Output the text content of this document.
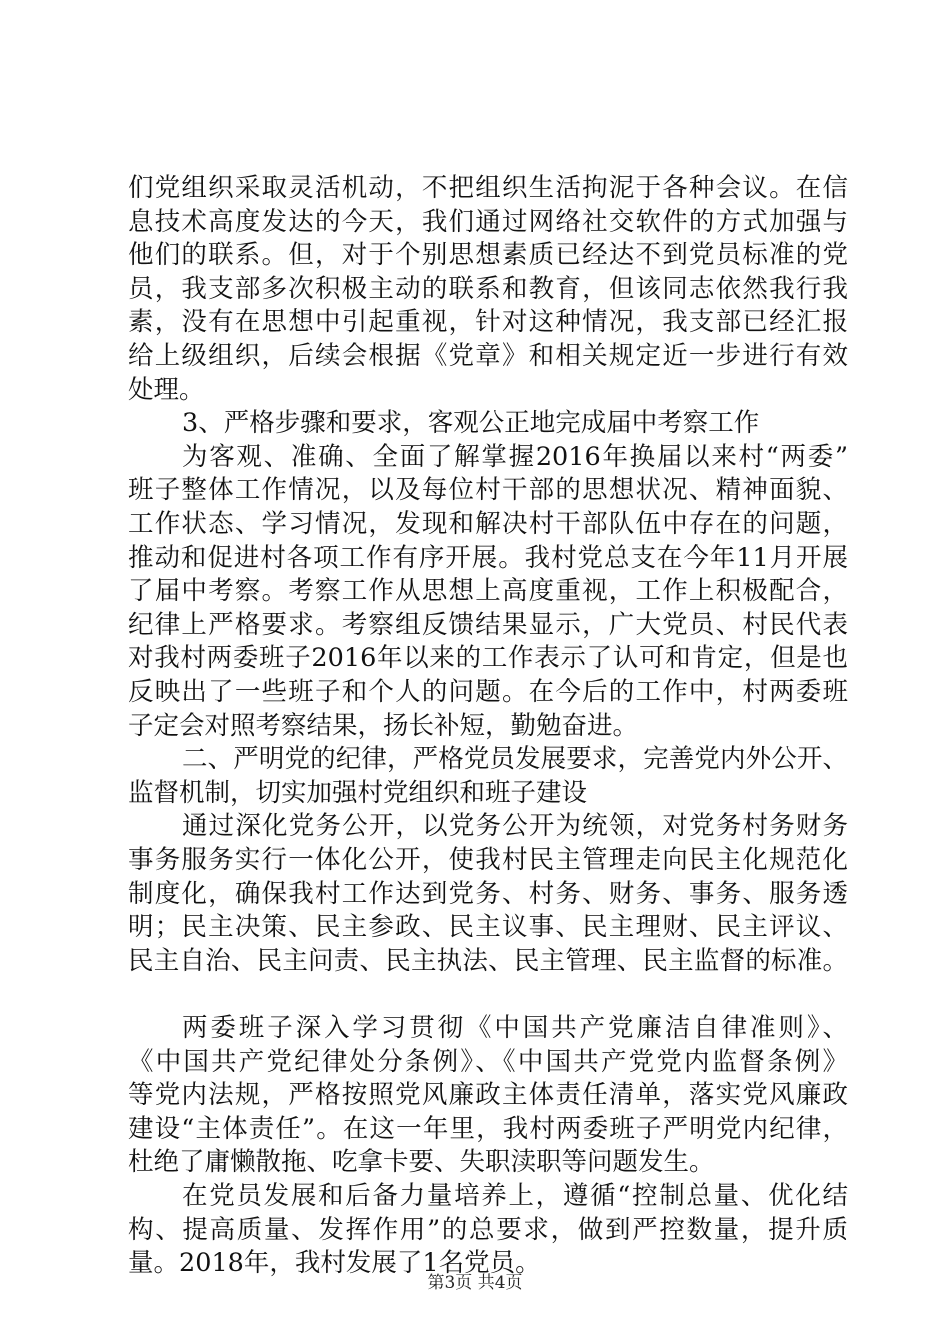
们党组织采取灵活机动，不把组织生活拘泥于各种会议。在信
息技术高度发达的今天，我们通过网络社交软件的方式加强与
他们的联系。但，对于个别思想素质已经达不到党员标准的党
员，我支部多次积极主动的联系和教育，但该同志依然我行我
素，没有在思想中引起重视，针对这种情况，我支部已经汇报
给上级组织，后续会根据《党章》和相关规定近一步进行有效
处理。
3、严格步骤和要求，客观公正地完成届中考察工作
为客观、准确、全面了解掌握2016年换届以来村“两委”
班子整体工作情况，以及每位村干部的思想状况、精神面貌、
工作状态、学习情况，发现和解决村干部队伍中存在的问题，
推动和促进村各项工作有序开展。我村党总支在今年11月开展
了届中考察。考察工作从思想上高度重视，工作上积极配合，
纪律上严格要求。考察组反馈结果显示，广大党员、村民代表
对我村两委班子2016年以来的工作表示了认可和肯定，但是也
反映出了一些班子和个人的问题。在今后的工作中，村两委班
子定会对照考察结果，扬长补短，勤勉奋进。
二、严明党的纪律，严格党员发展要求，完善党内外公开、
监督机制，切实加强村党组织和班子建设
通过深化党务公开，以党务公开为统领，对党务村务财务
事务服务实行一体化公开，使我村民主管理走向民主化规范化
制度化，确保我村工作达到党务、村务、财务、事务、服务透
明；民主决策、民主参政、民主议事、民主理财、民主评议、
民主自治、民主问责、民主执法、民主管理、民主监督的标准。
两委班子深入学习贯彻《中国共产党廉洁自律准则》、
《中国共产党纪律处分条例》、《中国共产党党内监督条例》
等党内法规，严格按照党风廉政主体责任清单，落实党风廉政
建设“主体责任”。在这一年里，我村两委班子严明党内纪律，
杜绝了庸懒散拖、吃拿卡要、失职渎职等问题发生。
在党员发展和后备力量培养上，遵循“控制总量、优化结
构、提高质量、发挥作用”的总要求，做到严控数量，提升质
量。2018年，我村发展了1名党员。
第3页 共4页
